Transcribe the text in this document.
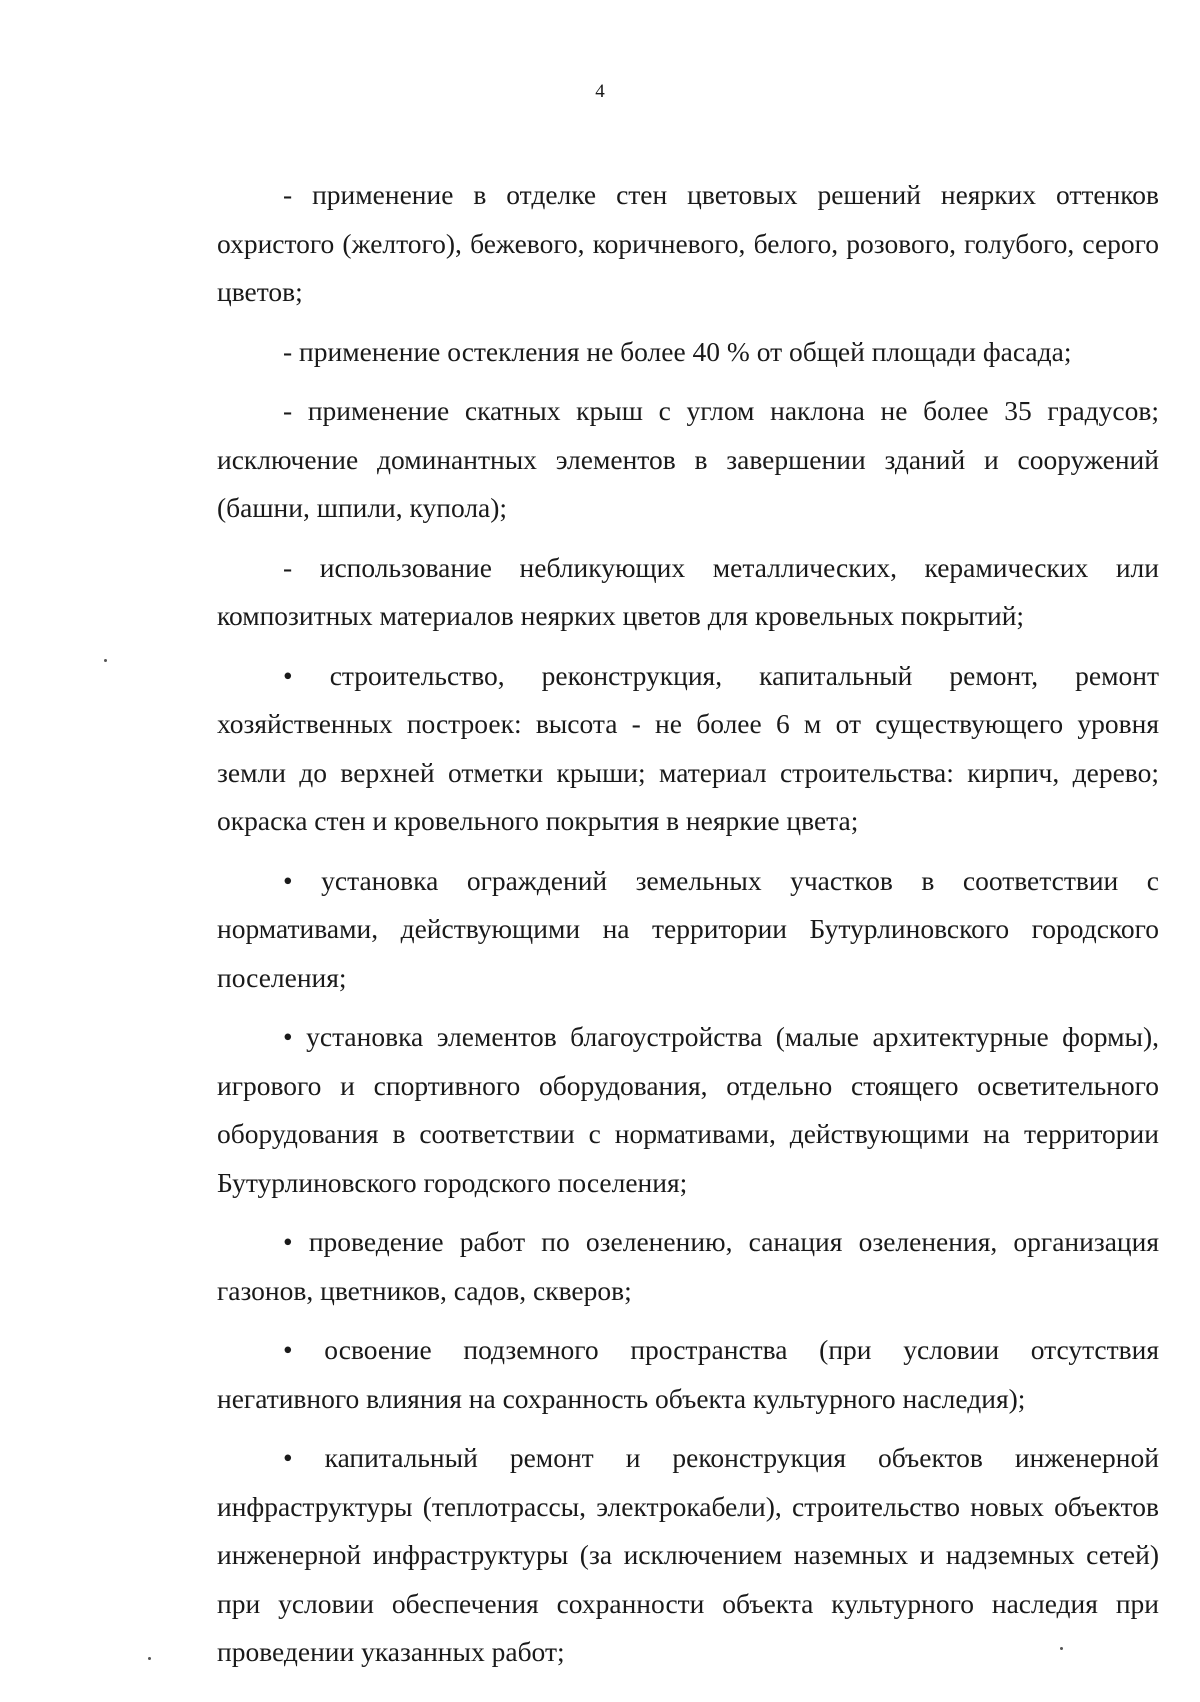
4

- применение в отделке стен цветовых решений неярких оттенков охристого (желтого), бежевого, коричневого, белого, розового, голубого, серого цветов;

- применение остекления не более 40 % от общей площади фасада;

- применение скатных крыш с углом наклона не более 35 градусов; исключение доминантных элементов в завершении зданий и сооружений (башни, шпили, купола);

- использование небликующих металлических, керамических или композитных материалов неярких цветов для кровельных покрытий;

• строительство, реконструкция, капитальный ремонт, ремонт хозяйственных построек: высота - не более 6 м от существующего уровня земли до верхней отметки крыши; материал строительства: кирпич, дерево; окраска стен и кровельного покрытия в неяркие цвета;

• установка ограждений земельных участков в соответствии с нормативами, действующими на территории Бутурлиновского городского поселения;

• установка элементов благоустройства (малые архитектурные формы), игрового и спортивного оборудования, отдельно стоящего осветительного оборудования в соответствии с нормативами, действующими на территории Бутурлиновского городского поселения;

• проведение работ по озеленению, санация озеленения, организация газонов, цветников, садов, скверов;

• освоение подземного пространства (при условии отсутствия негативного влияния на сохранность объекта культурного наследия);

• капитальный ремонт и реконструкция объектов инженерной инфраструктуры (теплотрассы, электрокабели), строительство новых объектов инженерной инфраструктуры (за исключением наземных и надземных сетей) при условии обеспечения сохранности объекта культурного наследия при проведении указанных работ;
